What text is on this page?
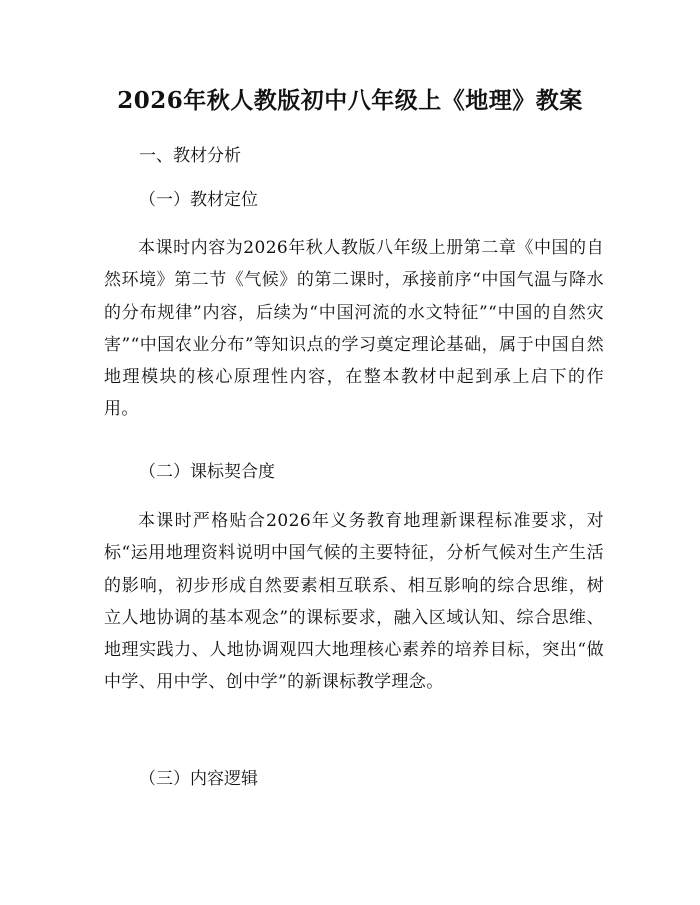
2026年秋人教版初中八年级上《地理》教案
一、教材分析
（一）教材定位

本课时内容为2026年秋人教版八年级上册第二章《中国的自然环境》第二节《气候》的第二课时，承接前序“中国气温与降水的分布规律”内容，后续为“中国河流的水文特征”“中国的自然灾害”“中国农业分布”等知识点的学习奠定理论基础，属于中国自然地理模块的核心原理性内容，在整本教材中起到承上启下的作用。

（二）课标契合度

本课时严格贴合2026年义务教育地理新课程标准要求，对标“运用地理资料说明中国气候的主要特征，分析气候对生产生活的影响，初步形成自然要素相互联系、相互影响的综合思维，树立人地协调的基本观念”的课标要求，融入区域认知、综合思维、地理实践力、人地协调观四大地理核心素养的培养目标，突出“做中学、用中学、创中学”的新课标教学理念。

（三）内容逻辑
